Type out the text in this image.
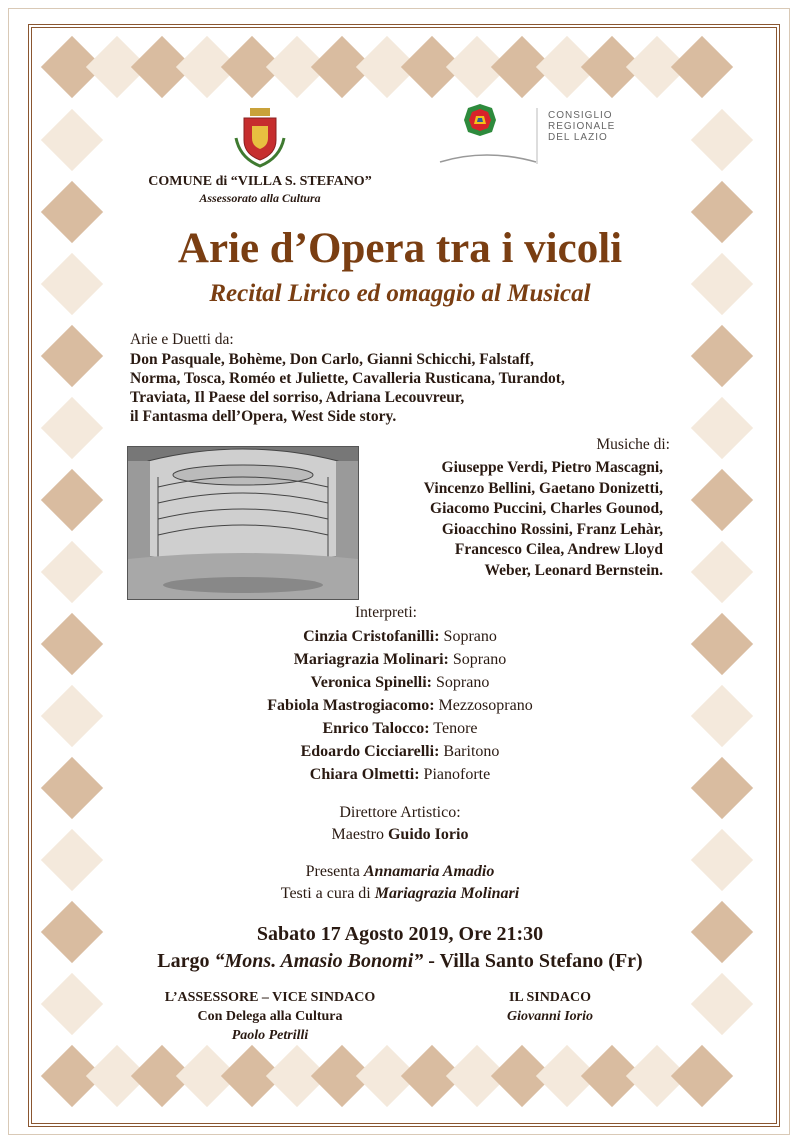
COMUNE di “VILLA S. STEFANO”
Assessorato alla Cultura
CONSIGLIO
REGIONALE
DEL LAZIO
Arie d’Opera tra i vicoli
Recital Lirico ed omaggio al Musical
Arie e Duetti da:
Don Pasquale, Bohème, Don Carlo, Gianni Schicchi, Falstaff,
Norma, Tosca, Roméo et Juliette, Cavalleria Rusticana, Turandot,
Traviata, Il Paese del sorriso, Adriana Lecouvreur,
il Fantasma dell’Opera, West Side story.
Musiche di:
Giuseppe Verdi, Pietro Mascagni,
Vincenzo Bellini, Gaetano Donizetti,
Giacomo Puccini, Charles Gounod,
Gioacchino Rossini, Franz Lehàr,
Francesco Cilea, Andrew Lloyd
Weber, Leonard Bernstein.
Interpreti:
Cinzia Cristofanilli: Soprano
Mariagrazia Molinari: Soprano
Veronica Spinelli: Soprano
Fabiola Mastrogiacomo: Mezzosoprano
Enrico Talocco: Tenore
Edoardo Cicciarelli: Baritono
Chiara Olmetti: Pianoforte
Direttore Artistico:
Maestro Guido Iorio
Presenta Annamaria Amadio
Testi a cura di Mariagrazia Molinari
Sabato 17 Agosto 2019, Ore 21:30
Largo “Mons. Amasio Bonomi” - Villa Santo Stefano (Fr)
L’ASSESSORE – VICE SINDACO
Con Delega alla Cultura
Paolo Petrilli
IL SINDACO
Giovanni Iorio
